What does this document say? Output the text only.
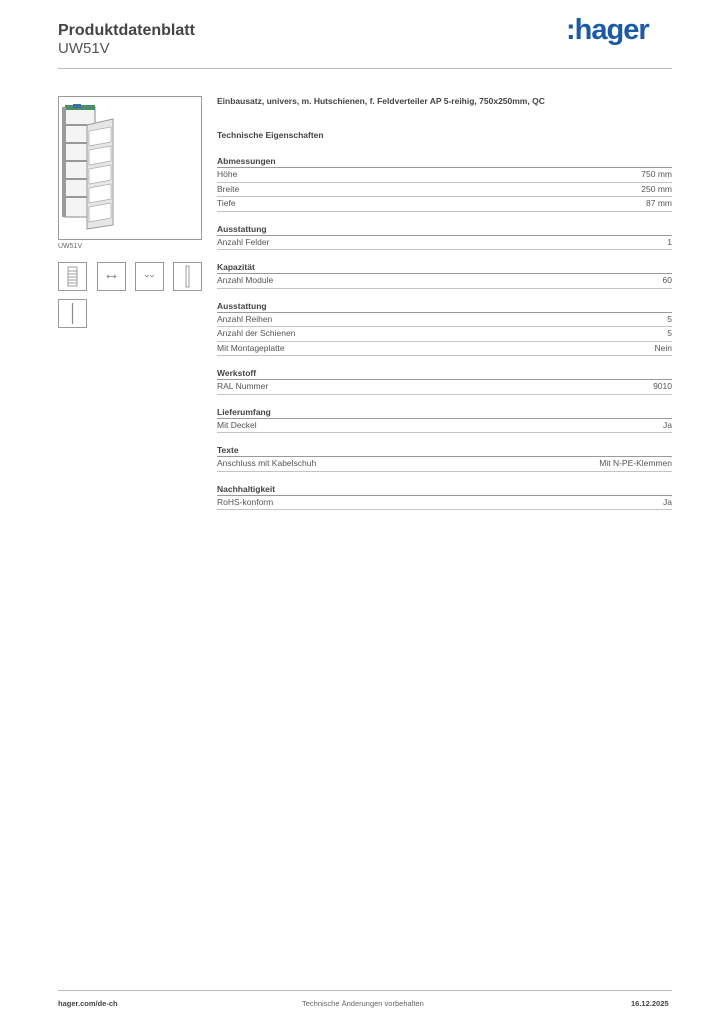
Produktdatenblatt
UW51V
:hager
UW51V
Einbausatz, univers, m. Hutschienen, f. Feldverteiler AP 5-reihig, 750x250mm, QC
Technische Eigenschaften
Abmessungen
Höhe	750 mm
Breite	250 mm
Tiefe	87 mm
Ausstattung
Anzahl Felder	1
Kapazität
Anzahl Module	60
Ausstattung
Anzahl Reihen	5
Anzahl der Schienen	5
Mit Montageplatte	Nein
Werkstoff
RAL Nummer	9010
Lieferumfang
Mit Deckel	Ja
Texte
Anschluss mit Kabelschuh	Mit N-PE-Klemmen
Nachhaltigkeit
RoHS-konform	Ja
hager.com/de-ch	Technische Änderungen vorbehalten	16.12.2025
